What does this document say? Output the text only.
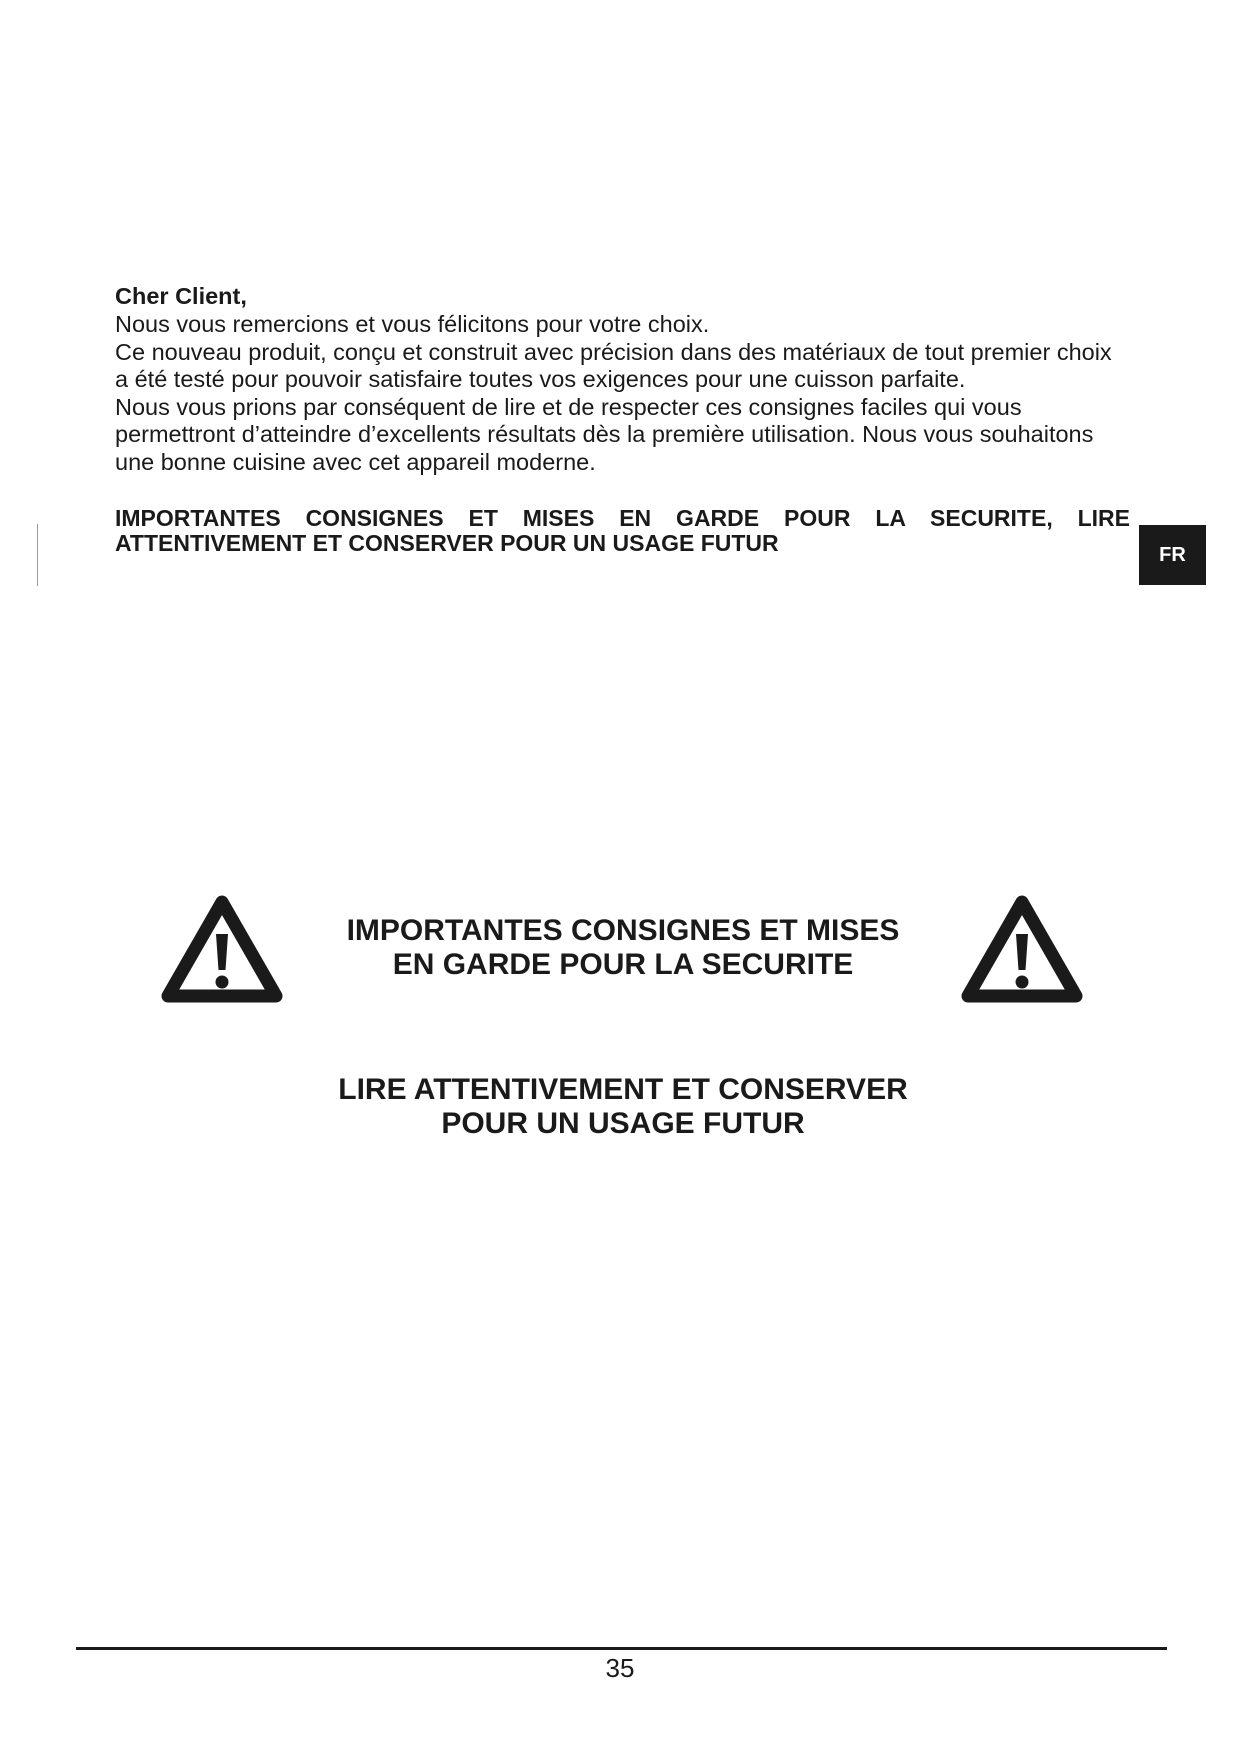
Cher Client,

Nous vous remercions et vous félicitons pour votre choix.

Ce nouveau produit, conçu et construit avec précision dans des matériaux de tout premier choix a été testé pour pouvoir satisfaire toutes vos exigences pour une cuisson parfaite.

Nous vous prions par conséquent de lire et de respecter ces consignes faciles qui vous permettront d’atteindre d’excellents résultats dès la première utilisation. Nous vous souhaitons une bonne cuisine avec cet appareil moderne.

IMPORTANTES CONSIGNES ET MISES EN GARDE POUR LA SECURITE, LIRE ATTENTIVEMENT ET CONSERVER POUR UN USAGE FUTUR	FR
IMPORTANTES CONSIGNES ET MISES
EN GARDE POUR LA SECURITE
LIRE ATTENTIVEMENT ET CONSERVER
POUR UN USAGE FUTUR
35
